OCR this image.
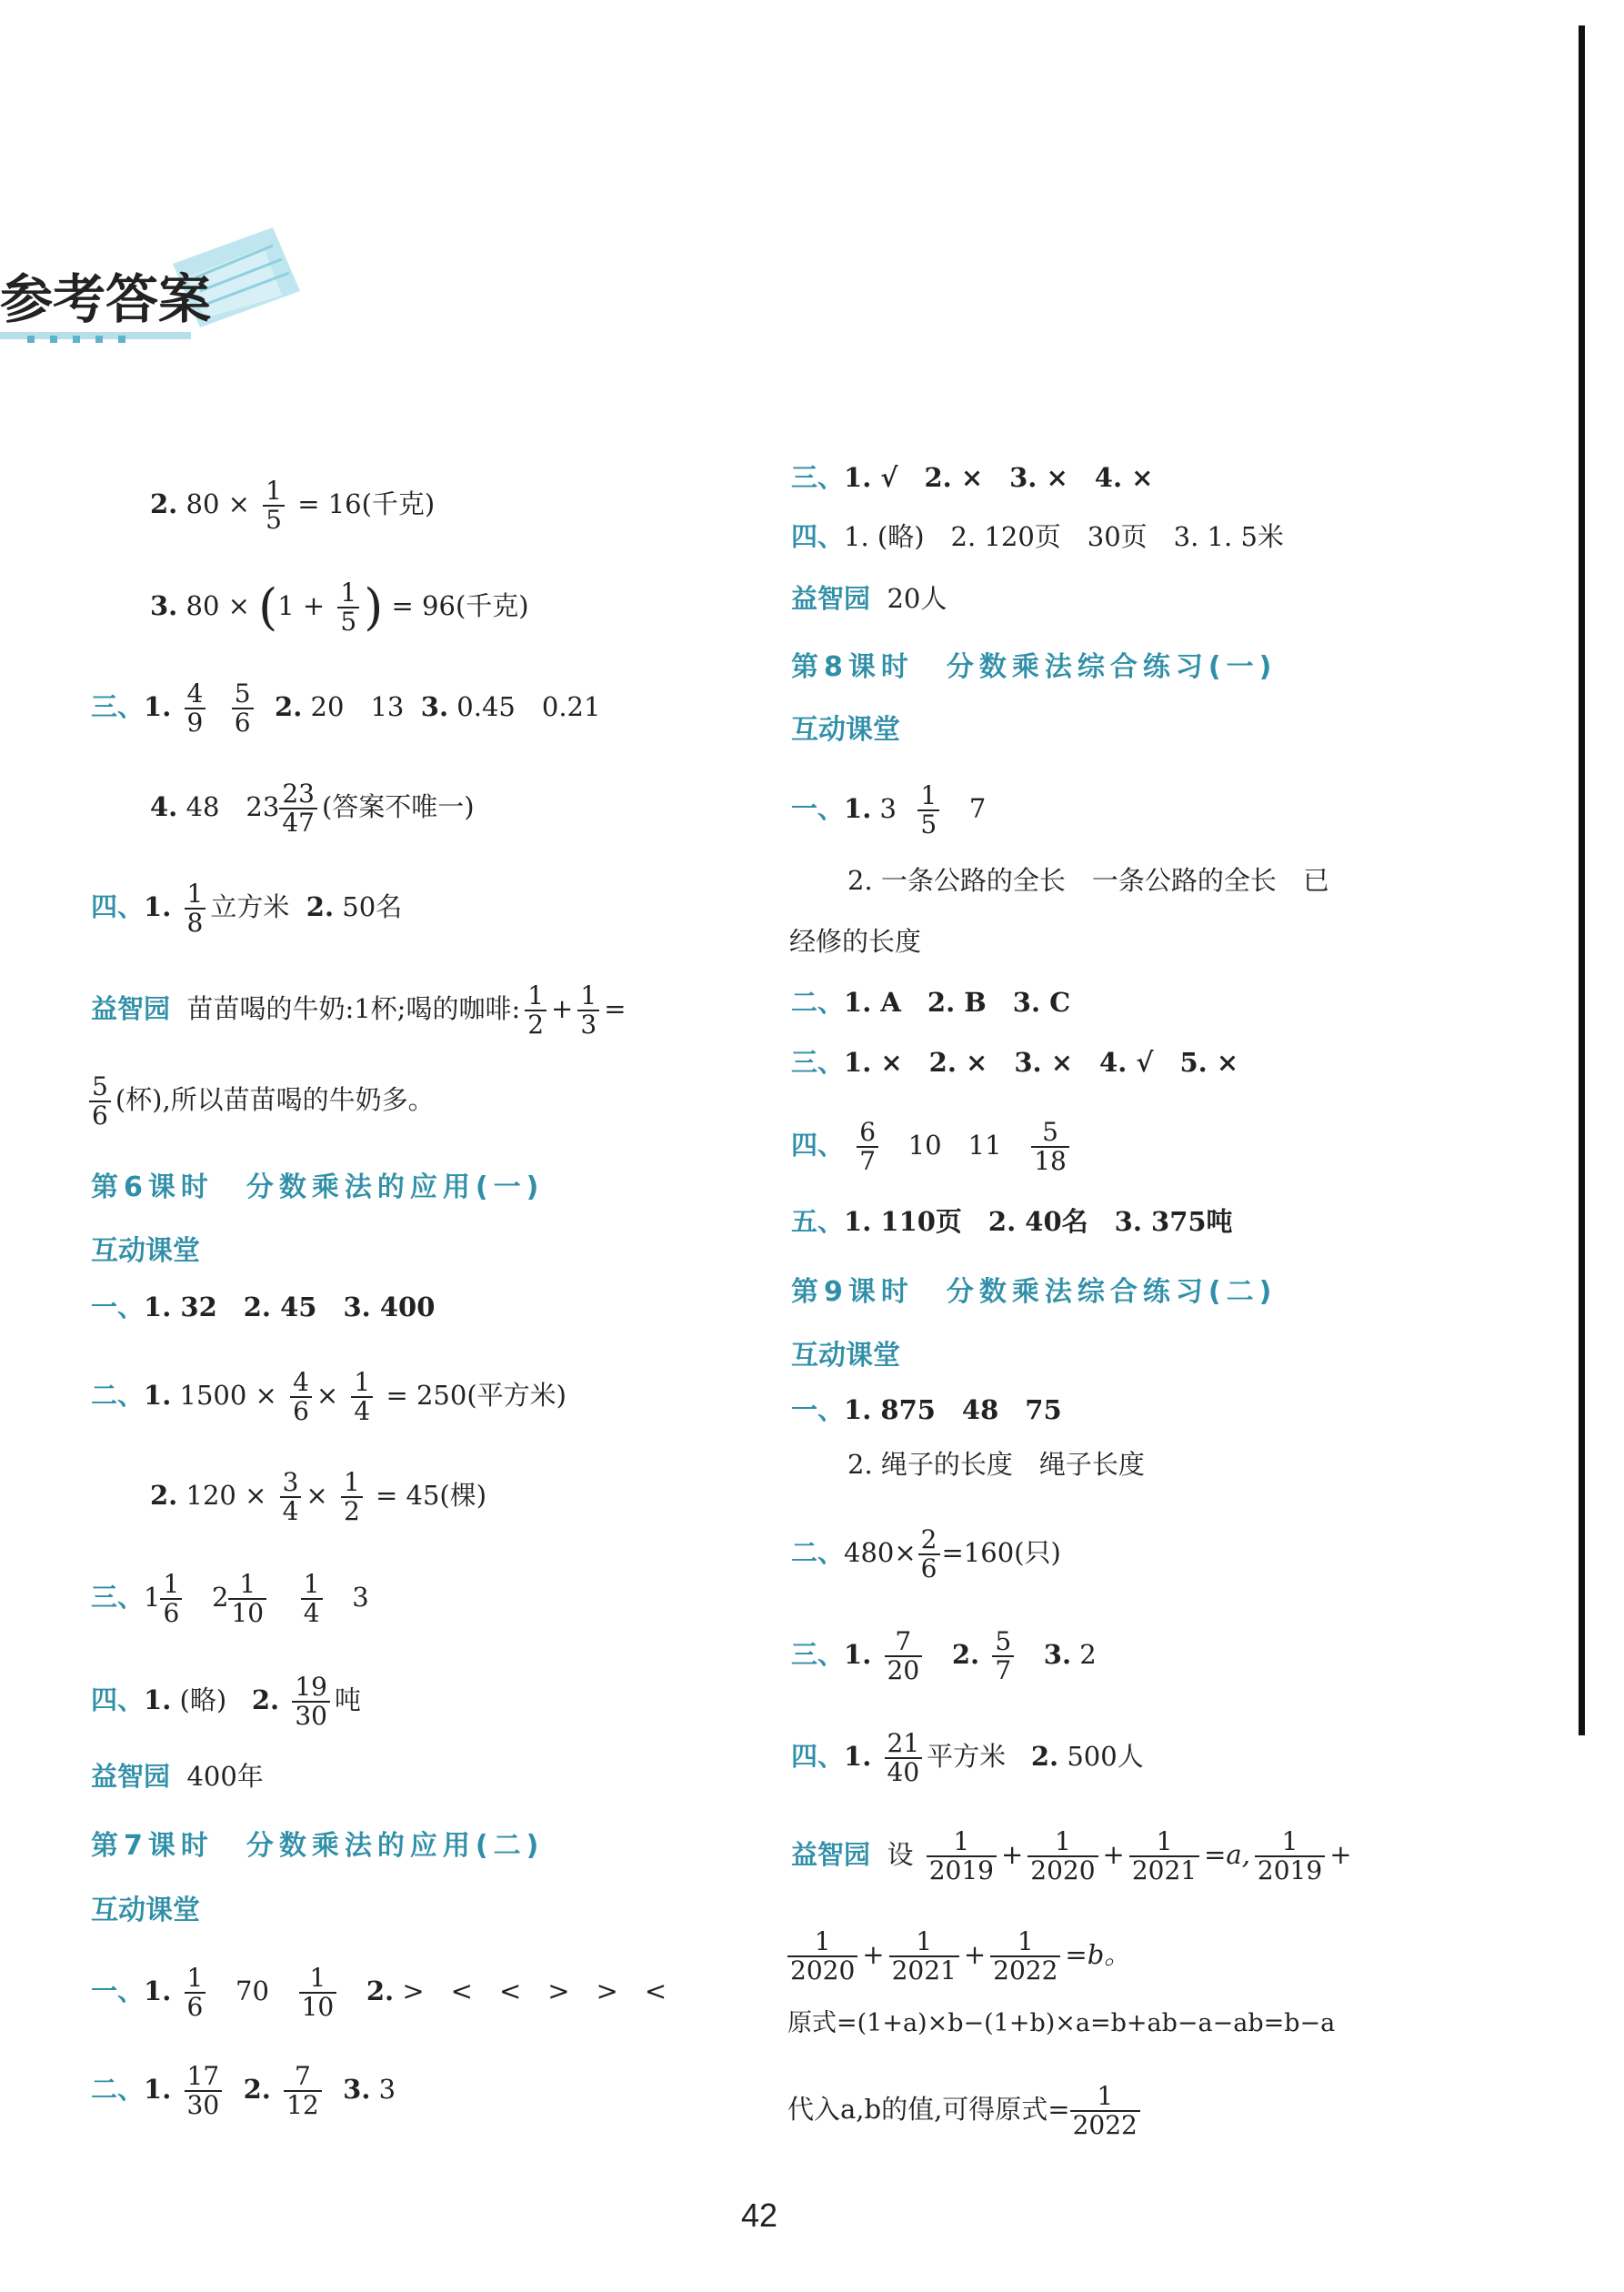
参考答案
2. $80 \times \frac{1}{5} = 16$(千克)
3. $80 \times (1 + \frac{1}{5}$ ) = 96(千克)
三、1. $\frac{4}{9}$
$\frac{5}{6} 2$. 20　13 3. 0.45　0.21
4. 48　$23 \frac{23}{47}$ (答案不唯一)
四、1. $\frac{1}{8}$ 立方米 2. 50名
益智园 苗苗喝的牛奶:1杯;喝的咖啡: $\frac{1}{2} + \frac{1}{3}$ =
$\frac{5}{6}$ (杯),所以苗苗喝的牛奶多。
第6课时　分数乘法的应用(一)
互动课堂
一、1. 32　2. 45　3. 400
二、1. $1500 \times \frac{4}{6} \times \frac{1}{4} = 250$(平方米)
2. $120 \times \frac{3}{4} \times \frac{1}{2} = 45$(棵)
三、$1 \frac{1}{6} 2 \frac{1}{10}$
$\frac{1}{4} 3$
四、1. (略) 2. $\frac{19}{30}$ 吨
益智园 400年
第7课时　分数乘法的应用(二)
互动课堂
一、1. $\frac{1}{6} 70 \frac{1}{10} 2$. >　<　<　>　>　<
二、1. $\frac{17}{30} 2$. $\frac{7}{12} 3$. 3
三、1. √　2. ×　3. ×　4. ×
四、1. (略)　2. 120页　30页　3. 1. 5米
益智园 20人
第8课时　分数乘法综合练习(一)
互动课堂
一、1. $3 \frac{1}{5} 7$
2. 一条公路的全长　一条公路的全长　已
经修的长度
二、1. A　2. B　3. C
三、1. ×　2. ×　3. ×　4. √　5. ×
四、 $\frac{6}{7} 10$　$11 \frac{5}{18}$
五、1. 110页　2. 40名　3. 375吨
第9课时　分数乘法综合练习(二)
互动课堂
一、1. 875　48　75
2. 绳子的长度　绳子长度
二、$480\times \frac{2}{6} =160$(只)
三、1. $\frac{7}{20} 2$. $\frac{5}{7} 3$. 2
四、1. $\frac{21}{40}$ 平方米 2. 500人
益智园 设 $\frac{1}{2019} + \frac{1}{2020} + \frac{1}{2021} =a$, $\frac{1}{2019}$ +
$\frac{1}{2020} + \frac{1}{2021} + \frac{1}{2022} =b$。
原式=(1+a)×b−(1+b)×a=b+ab−a−ab=b−a
代入a,b的值,可得原式= $\frac{1}{2022}$
42
